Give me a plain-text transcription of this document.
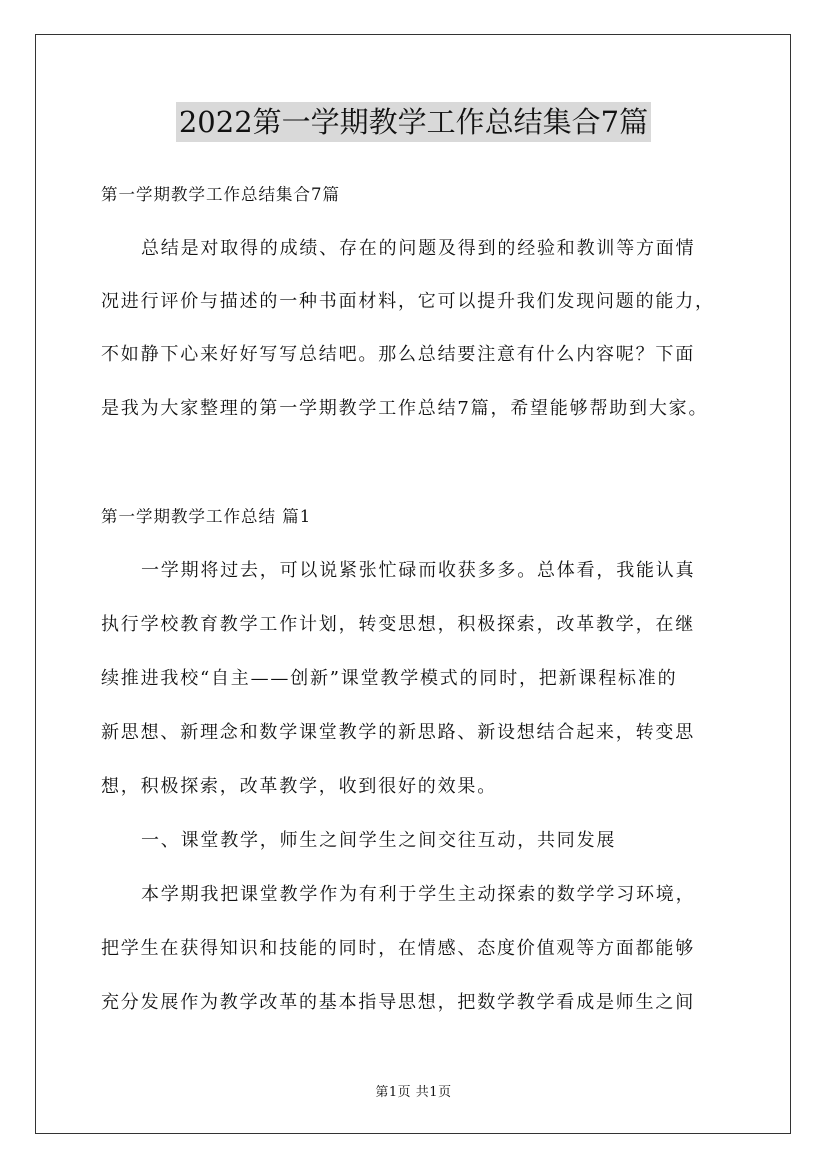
2022第一学期教学工作总结集合7篇
第一学期教学工作总结集合7篇
总结是对取得的成绩、存在的问题及得到的经验和教训等方面情
况进行评价与描述的一种书面材料，它可以提升我们发现问题的能力，
不如静下心来好好写写总结吧。那么总结要注意有什么内容呢？下面
是我为大家整理的第一学期教学工作总结7篇，希望能够帮助到大家。
第一学期教学工作总结 篇1
一学期将过去，可以说紧张忙碌而收获多多。总体看，我能认真
执行学校教育教学工作计划，转变思想，积极探索，改革教学，在继
续推进我校“自主——创新”课堂教学模式的同时，把新课程标准的
新思想、新理念和数学课堂教学的新思路、新设想结合起来，转变思
想，积极探索，改革教学，收到很好的效果。
一、课堂教学，师生之间学生之间交往互动，共同发展
本学期我把课堂教学作为有利于学生主动探索的数学学习环境，
把学生在获得知识和技能的同时，在情感、态度价值观等方面都能够
充分发展作为教学改革的基本指导思想，把数学教学看成是师生之间
第1页 共1页
